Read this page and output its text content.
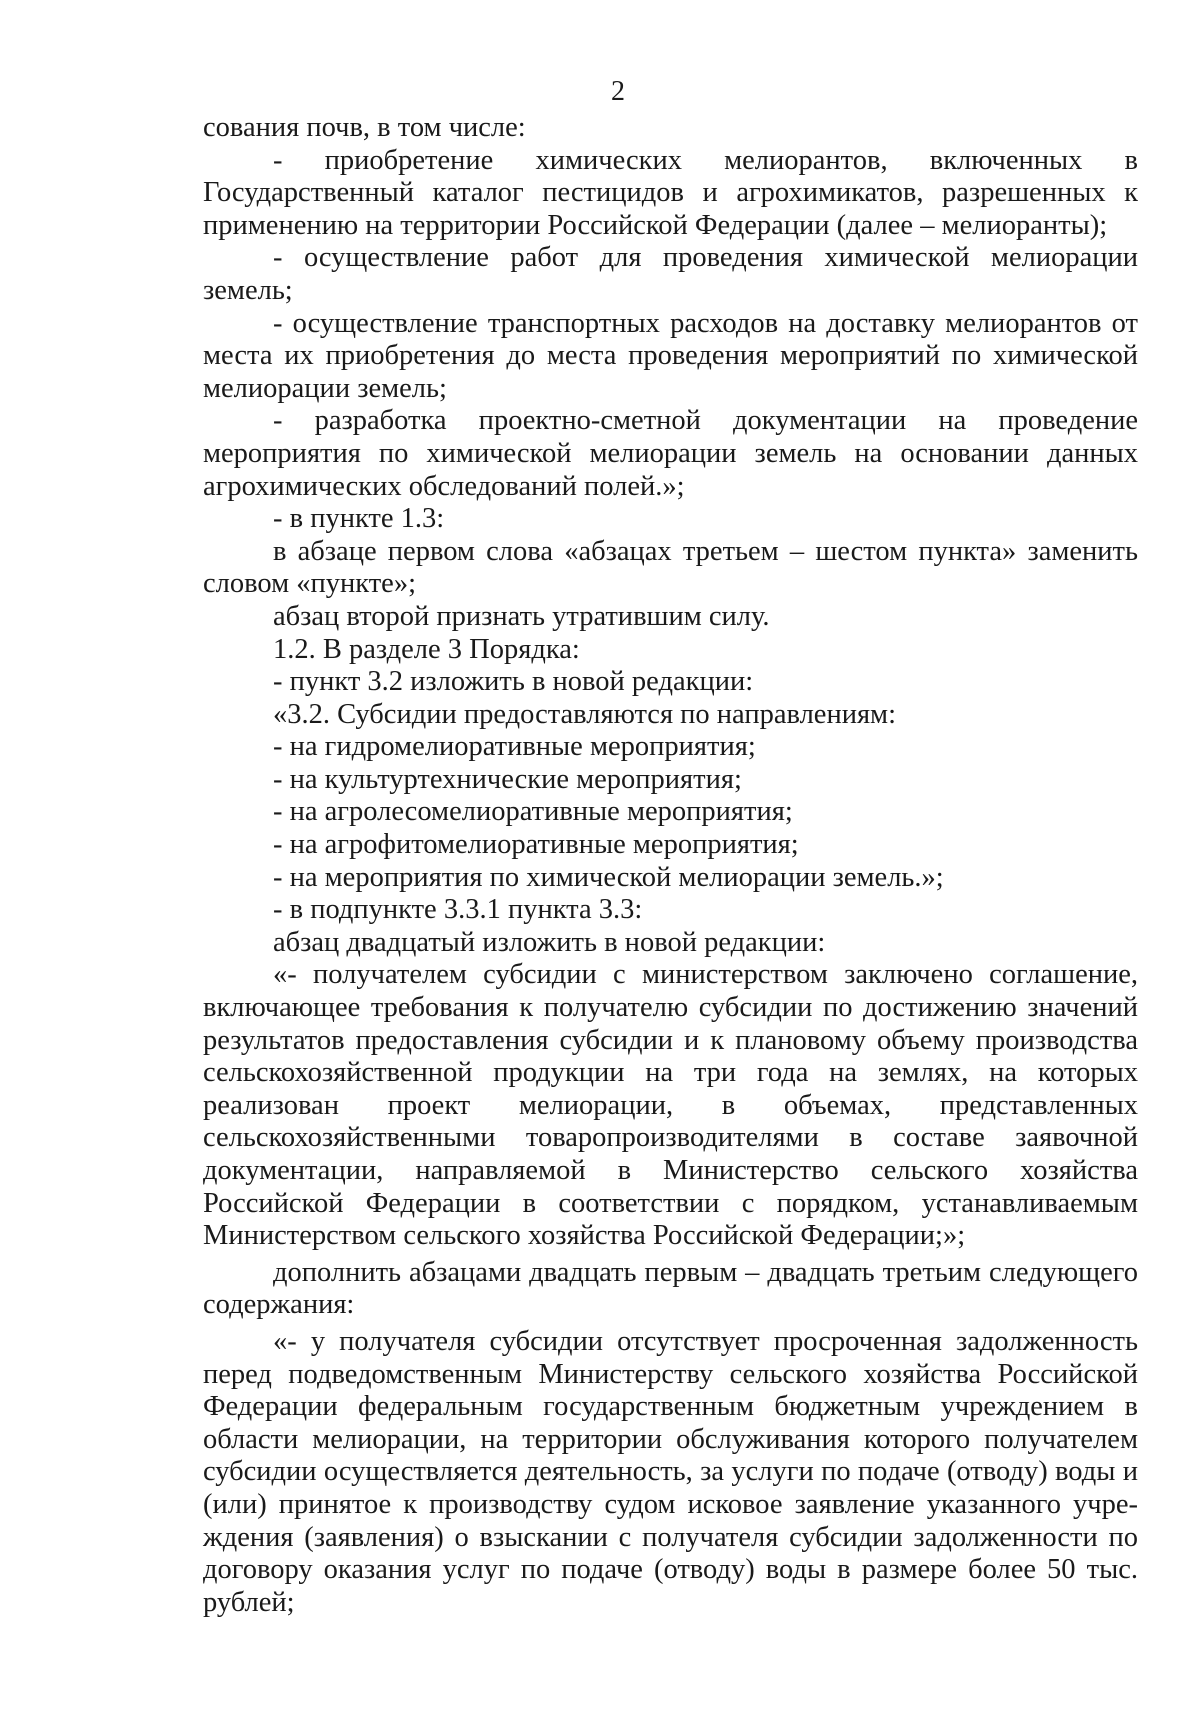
2

сования почв, в том числе:

- приобретение химических мелиорантов, включенных в Государственный каталог пестицидов и агрохимикатов, разрешенных к применению на территории Российской Федерации (далее – мелиоранты);

- осуществление работ для проведения химической мелиорации земель;

- осуществление транспортных расходов на доставку мелиорантов от места их приобретения до места проведения мероприятий по химической мелиорации земель;

- разработка проектно-сметной документации на проведение мероприятия по химической мелиорации земель на основании данных агрохимических обследований полей.»;

- в пункте 1.3:

в абзаце первом слова «абзацах третьем – шестом пункта» заменить словом «пункте»;

абзац второй признать утратившим силу.

1.2. В разделе 3 Порядка:

- пункт 3.2 изложить в новой редакции:

«3.2. Субсидии предоставляются по направлениям:

- на гидромелиоративные мероприятия;

- на культуртехнические мероприятия;

- на агролесомелиоративные мероприятия;

- на агрофитомелиоративные мероприятия;

- на мероприятия по химической мелиорации земель.»;

- в подпункте 3.3.1 пункта 3.3:

абзац двадцатый изложить в новой редакции:

«- получателем субсидии с министерством заключено соглашение, включающее требования к получателю субсидии по достижению значений результатов предоставления субсидии и к плановому объему производства сельскохозяйственной продукции на три года на землях, на которых реализован проект мелиорации, в объемах, представленных сельскохозяйственными товаропроизводителями в составе заявочной документации, направляемой в Министерство сельского хозяйства Российской Федерации в соответствии с порядком, устанавливаемым Министерством сельского хозяйства Российской Федерации;»;

дополнить абзацами двадцать первым – двадцать третьим следующего содержания:

«- у получателя субсидии отсутствует просроченная задолженность перед подведомственным Министерству сельского хозяйства Российской Федерации федеральным государственным бюджетным учреждением в области мелиорации, на территории обслуживания которого получателем субсидии осуществляется деятельность, за услуги по подаче (отводу) воды и (или) принятое к производству судом исковое заявление указанного учреждения (заявления) о взыскании с получателя субсидии задолженности по договору оказания услуг по подаче (отводу) воды в размере более 50 тыс. рублей;
